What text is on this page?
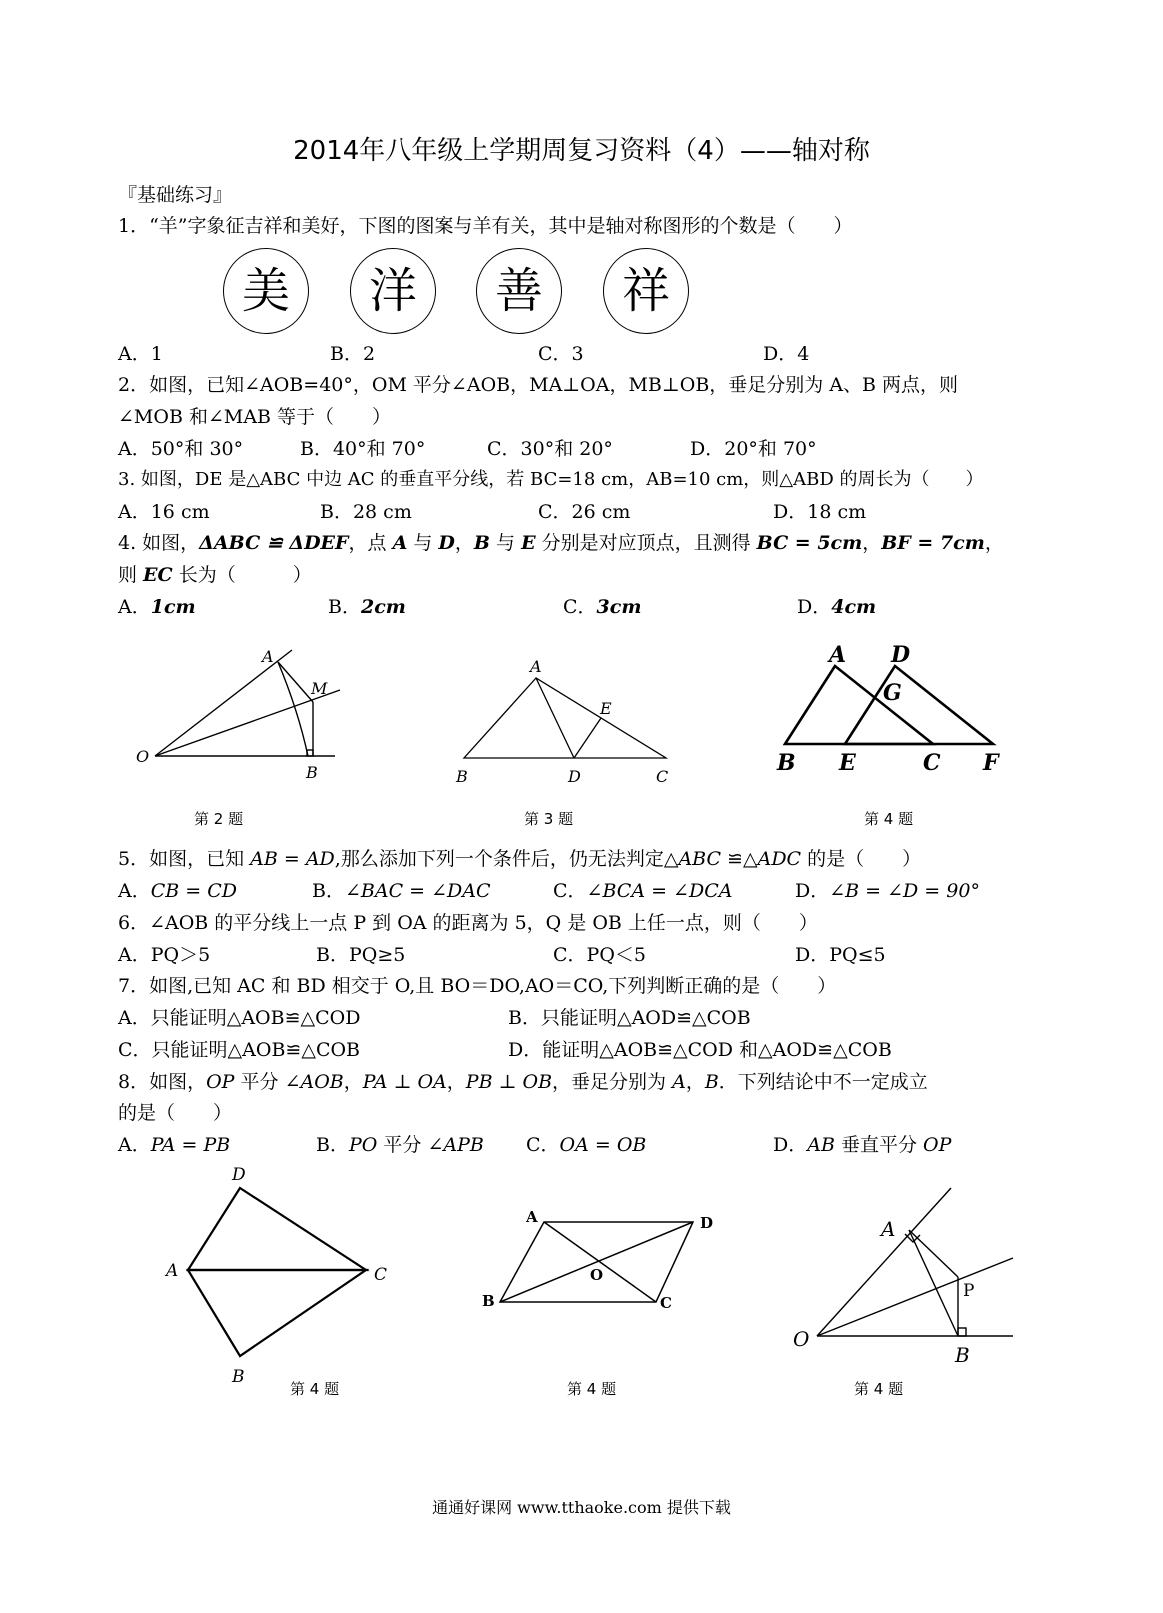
2014年八年级上学期周复习资料（4）——轴对称
『基础练习』
1．“羊”字象征吉祥和美好，下图的图案与羊有关，其中是轴对称图形的个数是（　　）
美	洋	善	祥
A．1	B．2	C．3	D．4
2．如图，已知∠AOB=40°，OM 平分∠AOB，MA⊥OA，MB⊥OB，垂足分别为 A、B 两点，则
∠MOB 和∠MAB 等于（　　）
A．50°和 30°	B．40°和 70°	C．30°和 20°	D．20°和 70°
3. 如图，DE 是△ABC 中边 AC 的垂直平分线，若 BC=18 cm，AB=10 cm，则△ABD 的周长为（　　）
A．16 cm	B．28 cm	C．26 cm	D．18 cm
4. 如图，ΔABC ≌ ΔDEF，点 A 与 D，B 与 E 分别是对应顶点，且测得 BC = 5cm，BF = 7cm，
则 EC 长为（　　　）
A．1cm	B．2cm	C．3cm	D．4cm
A
M
O
B
A
E
B	D	C
A D
G
B E	C F
第 2 题	第 3 题	第 4 题
5．如图，已知 AB = AD,那么添加下列一个条件后，仍无法判定△ABC ≌△ADC 的是（　　）
A．CB = CD	B．∠BAC = ∠DAC	C．∠BCA = ∠DCA	D．∠B = ∠D = 90°
6．∠AOB 的平分线上一点 P 到 OA 的距离为 5，Q 是 OB 上任一点，则（　　）
A．PQ＞5	B．PQ≥5	C．PQ＜5	D．PQ≤5
7．如图,已知 AC 和 BD 相交于 O,且 BO＝DO,AO＝CO,下列判断正确的是（　　）
A．只能证明△AOB≌△COD	B．只能证明△AOD≌△COB
C．只能证明△AOB≌△COB	D．能证明△AOB≌△COD 和△AOD≌△COB
8．如图，OP 平分 ∠AOB，PA ⊥ OA，PB ⊥ OB，垂足分别为 A，B．下列结论中不一定成立
的是（　　）
A．PA = PB	B．PO 平分 ∠APB C．OA = OB	D．AB 垂直平分 OP
D
A	C
B
A	D
O
B	C
A
P
O
B
第 4 题	第 4 题	第 4 题
通通好课网 www.tthaoke.com 提供下载
